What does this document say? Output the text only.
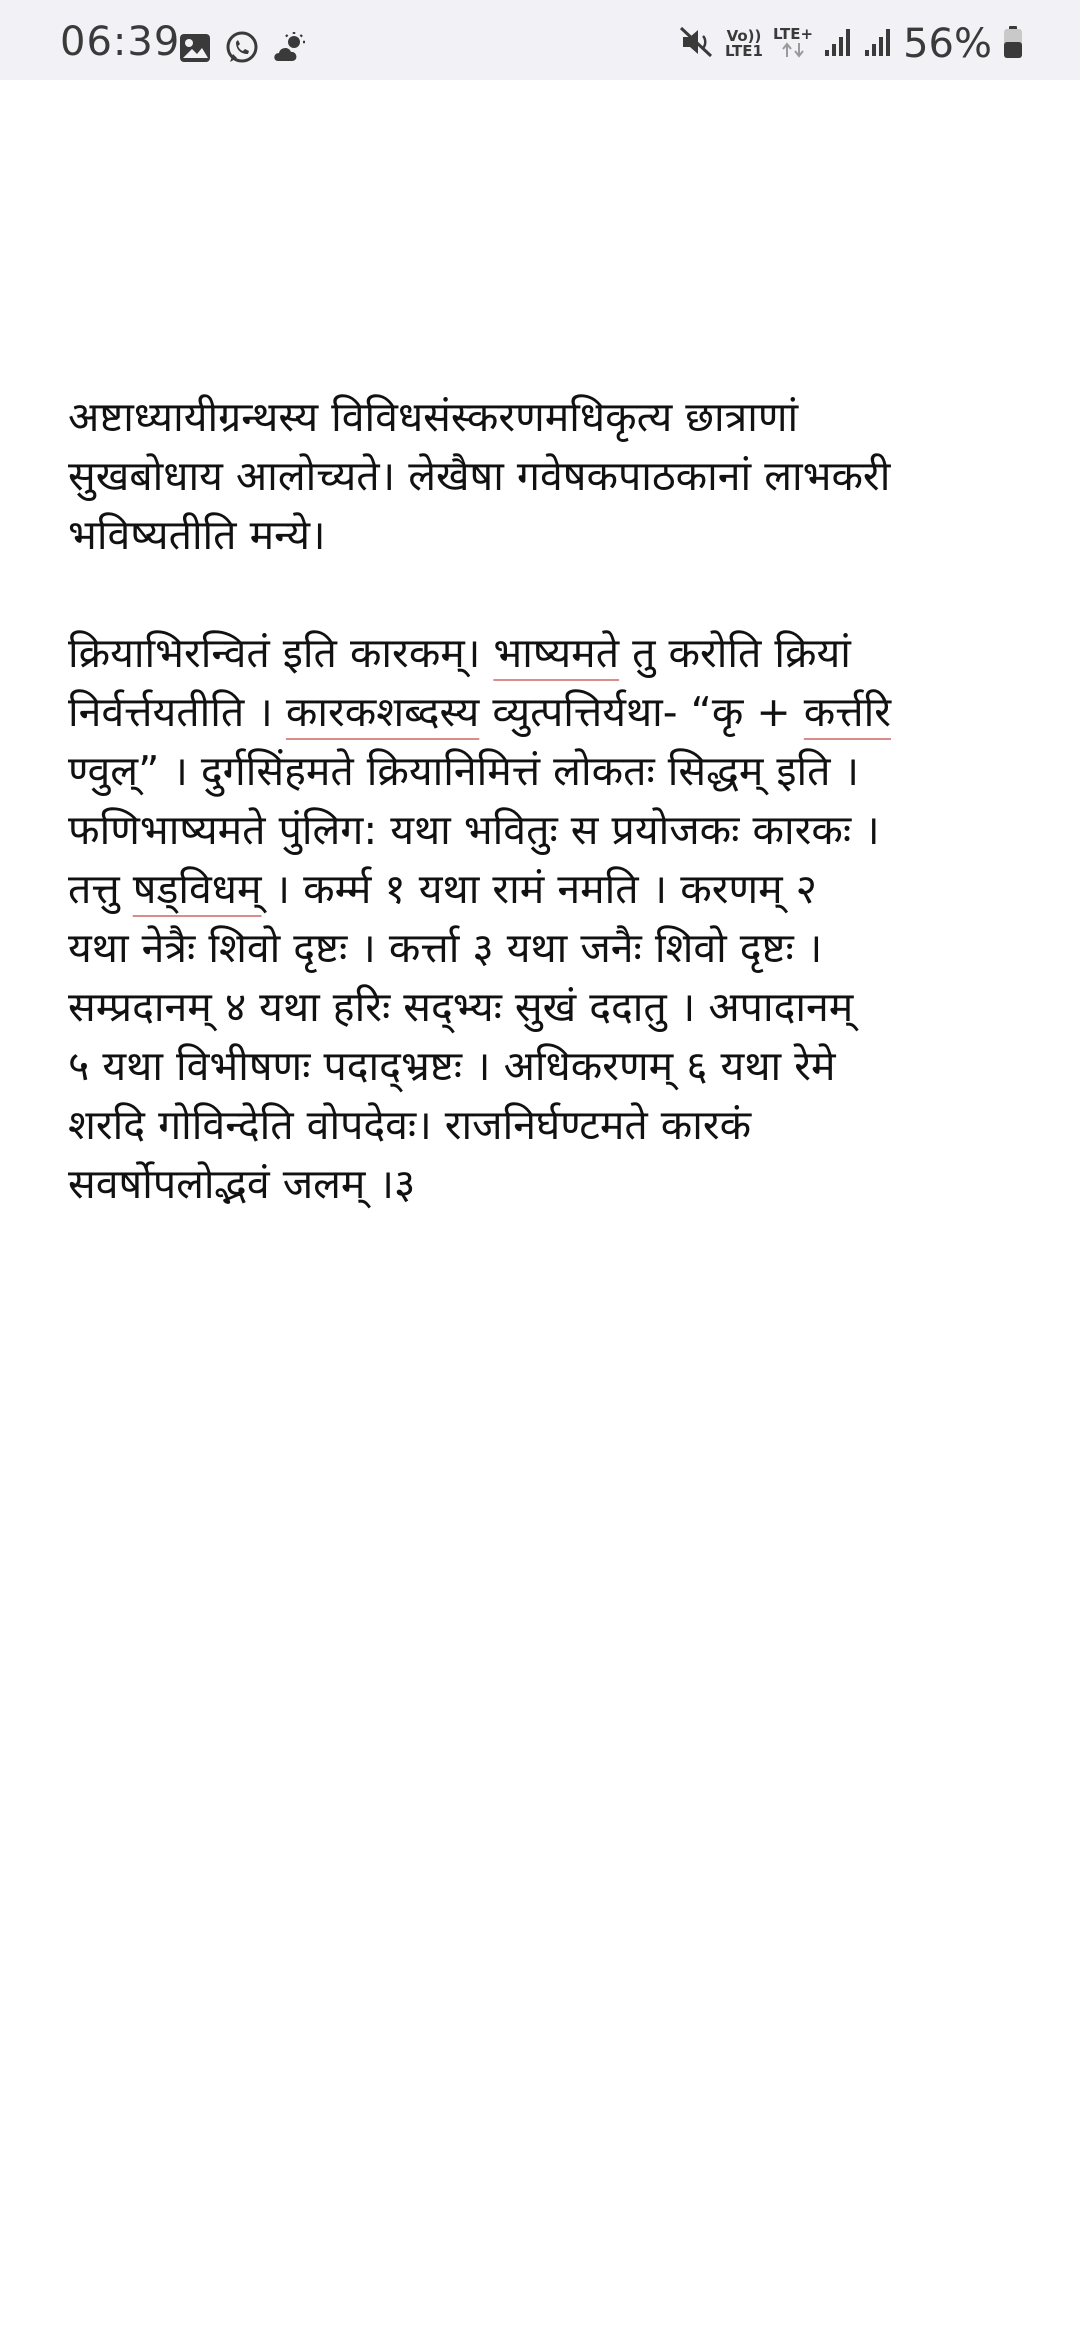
06:39	Vo))
LTE1
LTE+ 56%
अष्टाध्यायीग्रन्थस्य विविधसंस्करणमधिकृत्य छात्राणां
सुखबोधाय आलोच्यते। लेखैषा गवेषकपाठकानां लाभकरी
भविष्यतीति मन्ये।
क्रियाभिरन्वितं इति कारकम्। भाष्यमते तु करोति क्रियां
निर्वर्त्तयतीति । कारकशब्दस्य व्युत्पत्तिर्यथा- “कृ + कर्त्तरि
ण्वुल्” । दुर्गसिंहमते क्रियानिमित्तं लोकतः सिद्धम् इति ।
फणिभाष्यमते पुंलिग: यथा भवितुः स प्रयोजकः कारकः ।
तत्तु षड्विधम् । कर्म्म १ यथा रामं नमति । करणम् २
यथा नेत्रैः शिवो दृष्टः । कर्त्ता ३ यथा जनैः शिवो दृष्टः ।
सम्प्रदानम् ४ यथा हरिः सद्भ्यः सुखं ददातु । अपादानम्
५ यथा विभीषणः पदाद्भ्रष्टः । अधिकरणम् ६ यथा रेमे
शरदि गोविन्देति वोपदेवः। राजनिर्घण्टमते कारकं
सवर्षोपलोद्भवं जलम् ।३
